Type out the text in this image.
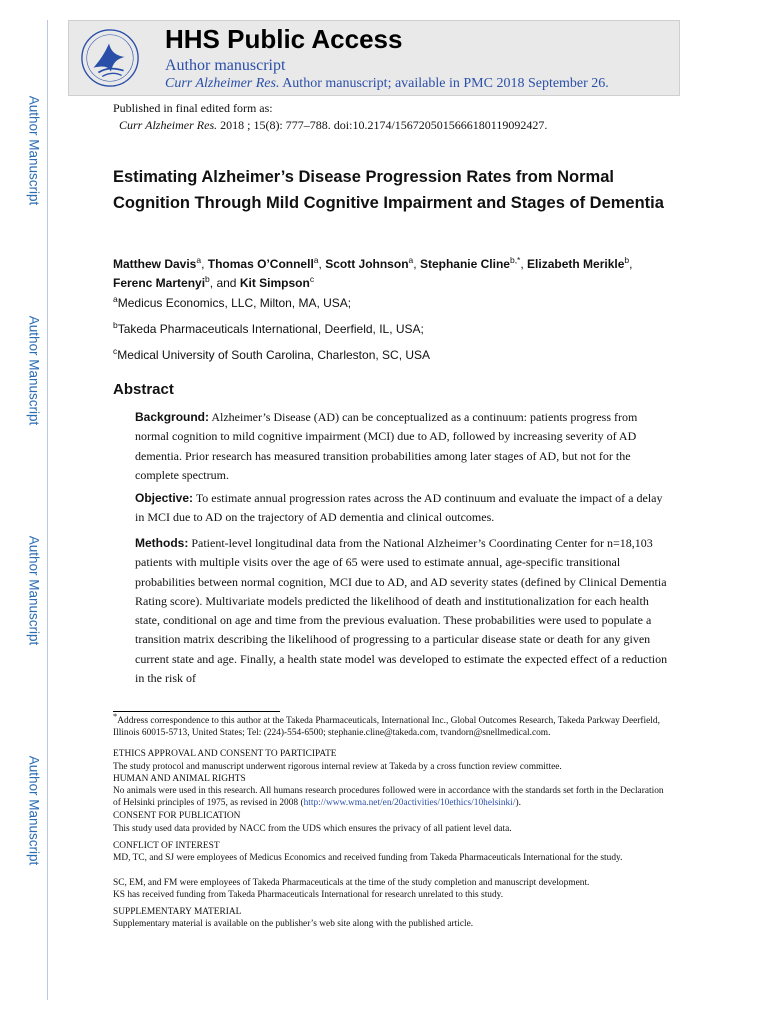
Author Manuscript
Author Manuscript
Author Manuscript
Author Manuscript
HHS Public Access
Author manuscript
Curr Alzheimer Res. Author manuscript; available in PMC 2018 September 26.
Published in final edited form as:
Curr Alzheimer Res. 2018 ; 15(8): 777–788. doi:10.2174/1567205015666180119092427.
Estimating Alzheimer’s Disease Progression Rates from Normal Cognition Through Mild Cognitive Impairment and Stages of Dementia
Matthew Davis$^a$, Thomas O’Connell$^a$, Scott Johnson$^a$, Stephanie Cline$^{b,*}$, Elizabeth Merikle$^b$, Ferenc Martenyi$^b$, and Kit Simpson$^c$
$^a$Medicus Economics, LLC, Milton, MA, USA;
$^b$Takeda Pharmaceuticals International, Deerfield, IL, USA;
$^c$Medical University of South Carolina, Charleston, SC, USA
Abstract
Background: Alzheimer’s Disease (AD) can be conceptualized as a continuum: patients progress from normal cognition to mild cognitive impairment (MCI) due to AD, followed by increasing severity of AD dementia. Prior research has measured transition probabilities among later stages of AD, but not for the complete spectrum.
Objective: To estimate annual progression rates across the AD continuum and evaluate the impact of a delay in MCI due to AD on the trajectory of AD dementia and clinical outcomes.
Methods: Patient-level longitudinal data from the National Alzheimer’s Coordinating Center for n=18,103 patients with multiple visits over the age of 65 were used to estimate annual, age-specific transitional probabilities between normal cognition, MCI due to AD, and AD severity states (defined by Clinical Dementia Rating score). Multivariate models predicted the likelihood of death and institutionalization for each health state, conditional on age and time from the previous evaluation. These probabilities were used to populate a transition matrix describing the likelihood of progressing to a particular disease state or death for any given current state and age. Finally, a health state model was developed to estimate the expected effect of a reduction in the risk of
*Address correspondence to this author at the Takeda Pharmaceuticals, International Inc., Global Outcomes Research, Takeda Parkway Deerfield, Illinois 60015-5713, United States; Tel: (224)-554-6500; stephanie.cline@takeda.com, tvandorn@snellmedical.com.
ETHICS APPROVAL AND CONSENT TO PARTICIPATE
The study protocol and manuscript underwent rigorous internal review at Takeda by a cross function review committee.
HUMAN AND ANIMAL RIGHTS
No animals were used in this research. All humans research procedures followed were in accordance with the standards set forth in the Declaration of Helsinki principles of 1975, as revised in 2008 (http://www.wma.net/en/20activities/10ethics/10helsinki/).
CONSENT FOR PUBLICATION
This study used data provided by NACC from the UDS which ensures the privacy of all patient level data.
CONFLICT OF INTEREST
MD, TC, and SJ were employees of Medicus Economics and received funding from Takeda Pharmaceuticals International for the study.
SC, EM, and FM were employees of Takeda Pharmaceuticals at the time of the study completion and manuscript development.
KS has received funding from Takeda Pharmaceuticals International for research unrelated to this study.
SUPPLEMENTARY MATERIAL
Supplementary material is available on the publisher’s web site along with the published article.
